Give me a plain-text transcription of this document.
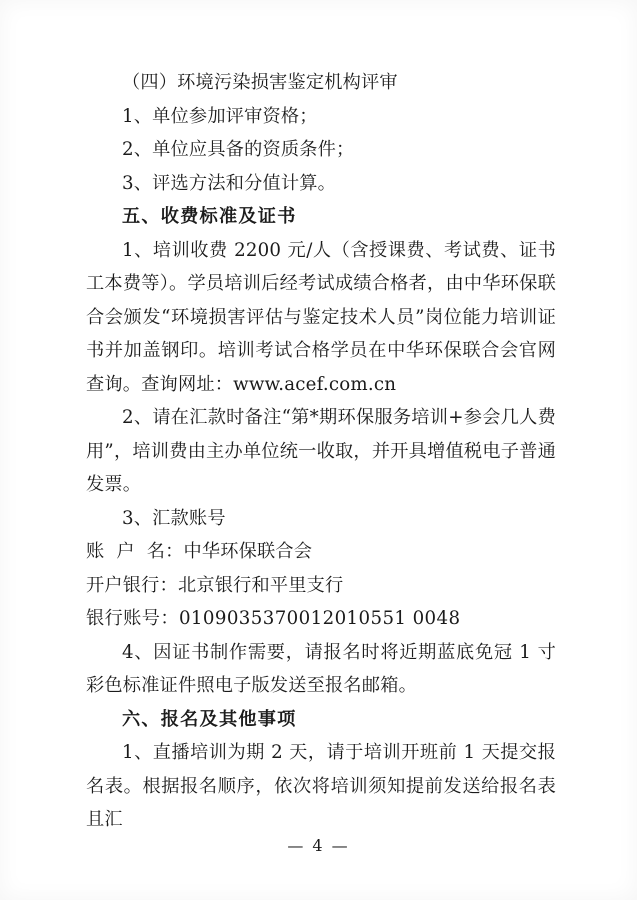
（四）环境污染损害鉴定机构评审

1、单位参加评审资格；

2、单位应具备的资质条件；

3、评选方法和分值计算。

五、收费标准及证书

1、培训收费 2200 元/人（含授课费、考试费、证书工本费等）。学员培训后经考试成绩合格者，由中华环保联合会颁发“环境损害评估与鉴定技术人员”岗位能力培训证书并加盖钢印。培训考试合格学员在中华环保联合会官网查询。查询网址：www.acef.com.cn

2、请在汇款时备注“第*期环保服务培训+参会几人费用”，培训费由主办单位统一收取，并开具增值税电子普通发票。

3、汇款账号

账  户  名：中华环保联合会

开户银行：北京银行和平里支行

银行账号：0109035370012010551 0048

4、因证书制作需要，请报名时将近期蓝底免冠 1 寸彩色标准证件照电子版发送至报名邮箱。

六、报名及其他事项

1、直播培训为期 2 天，请于培训开班前 1 天提交报名表。根据报名顺序，依次将培训须知提前发送给报名表且汇

— 4 —
